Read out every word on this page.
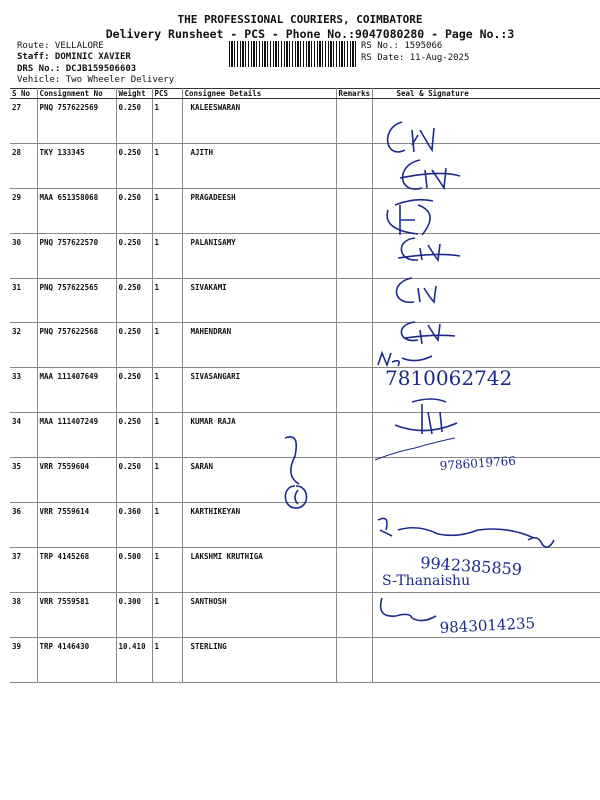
THE PROFESSIONAL COURIERS, COIMBATORE
Delivery Runsheet - PCS - Phone No.:9047080280 - Page No.:3
Route: VELLALORE
Staff: DOMINIC XAVIER
DRS No.: DCJB159506603
Vehicle: Two Wheeler Delivery
RS No.: 1595066
RS Date: 11-Aug-2025
S No	Consignment No	Weight	PCS	Consignee Details	Remarks	Seal & Signature
27	PNQ 757622569	0.250	1	KALEESWARAN		
28	TKY 133345	0.250	1	AJITH		
29	MAA 651358068	0.250	1	PRAGADEESH		
30	PNQ 757622570	0.250	1	PALANISAMY		
31	PNQ 757622565	0.250	1	SIVAKAMI		
32	PNQ 757622568	0.250	1	MAHENDRAN		
33	MAA 111407649	0.250	1	SIVASANGARI		
34	MAA 111407249	0.250	1	KUMAR RAJA		
35	VRR 7559604	0.250	1	SARAN		
36	VRR 7559614	0.360	1	KARTHIKEYAN		
37	TRP 4145268	0.500	1	LAKSHMI KRUTHIGA		
38	VRR 7559581	0.300	1	SANTHOSH		
39	TRP 4146430	10.410	1	STERLING		
7810062742
9786019766
9942385859
S-Thanaishu
9843014235
